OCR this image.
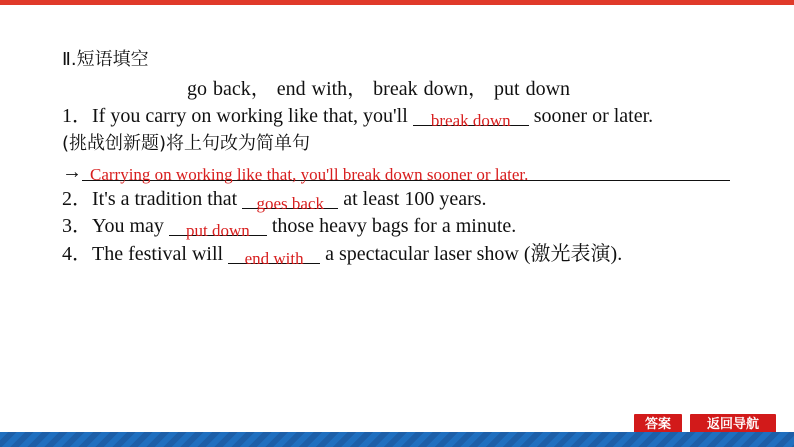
Ⅱ.短语填空
go back， end with， break down， put down
1．If you carry on working like that, you'll $_{break down}$ sooner or later.
(挑战创新题)将上句改为简单句
→ Carrying on working like that, you'll break down sooner or later.
2．It's a tradition that $_{goes back}$ at least 100 years.
3．You may $_{put down}$ those heavy bags for a minute.
4．The festival will $_{end with}$ a spectacular laser show (激光表演).
答案	返回导航
